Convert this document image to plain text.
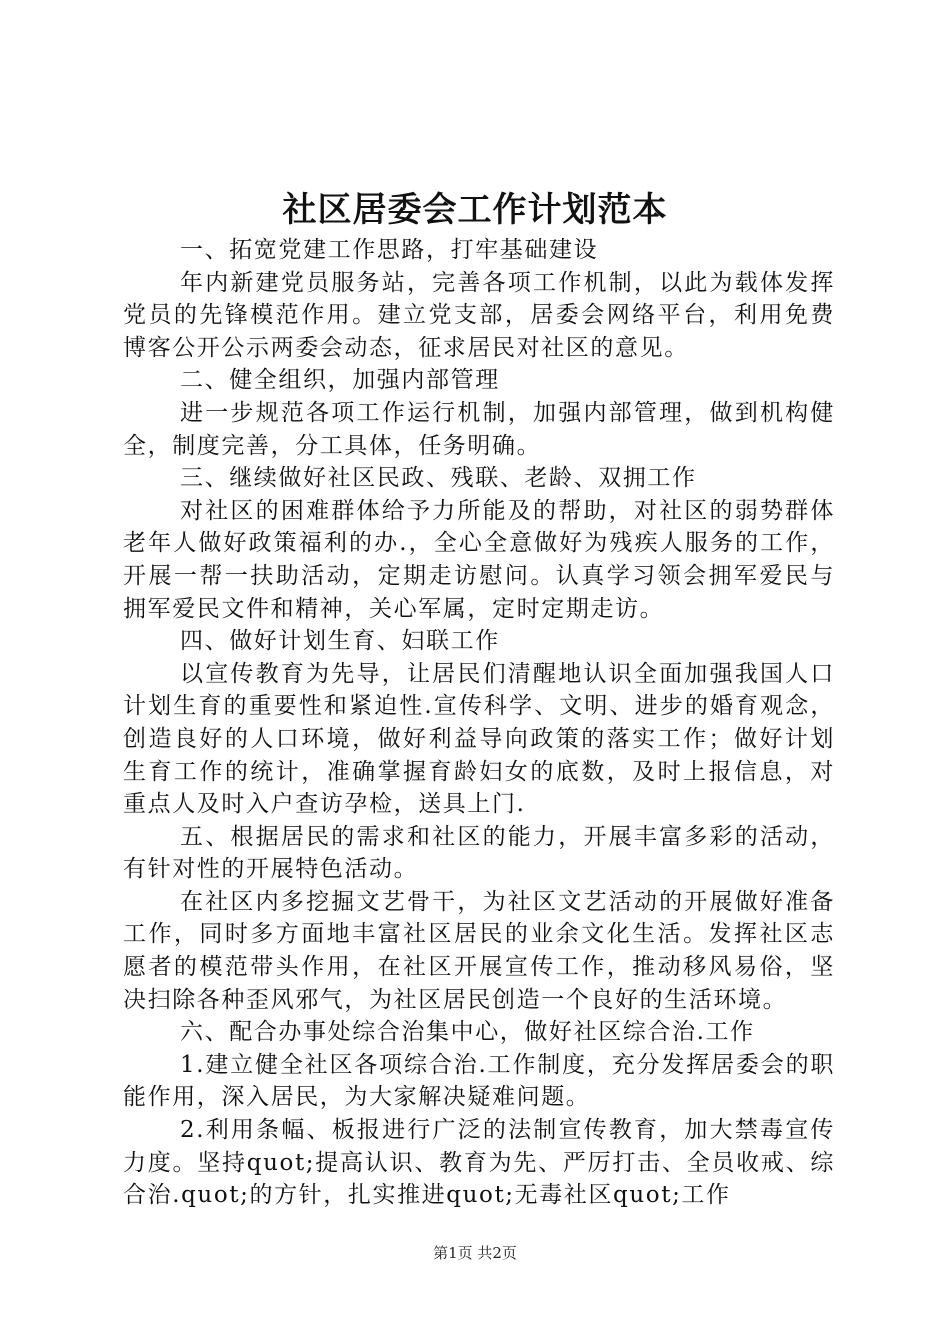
社区居委会工作计划范本

一、拓宽党建工作思路，打牢基础建设

年内新建党员服务站，完善各项工作机制，以此为载体发挥党员的先锋模范作用。建立党支部，居委会网络平台，利用免费博客公开公示两委会动态，征求居民对社区的意见。

二、健全组织，加强内部管理

进一步规范各项工作运行机制，加强内部管理，做到机构健全，制度完善，分工具体，任务明确。

三、继续做好社区民政、残联、老龄、双拥工作

对社区的困难群体给予力所能及的帮助，对社区的弱势群体老年人做好政策福利的办.，全心全意做好为残疾人服务的工作，开展一帮一扶助活动，定期走访慰问。认真学习领会拥军爱民与拥军爱民文件和精神，关心军属，定时定期走访。

四、做好计划生育、妇联工作

以宣传教育为先导，让居民们清醒地认识全面加强我国人口计划生育的重要性和紧迫性.宣传科学、文明、进步的婚育观念，创造良好的人口环境，做好利益导向政策的落实工作；做好计划生育工作的统计，准确掌握育龄妇女的底数，及时上报信息，对重点人及时入户查访孕检，送具上门.

五、根据居民的需求和社区的能力，开展丰富多彩的活动，有针对性的开展特色活动。

在社区内多挖掘文艺骨干，为社区文艺活动的开展做好准备工作，同时多方面地丰富社区居民的业余文化生活。发挥社区志愿者的模范带头作用，在社区开展宣传工作，推动移风易俗，坚决扫除各种歪风邪气，为社区居民创造一个良好的生活环境。

六、配合办事处综合治集中心，做好社区综合治.工作

1.建立健全社区各项综合治.工作制度，充分发挥居委会的职能作用，深入居民，为大家解决疑难问题。

2.利用条幅、板报进行广泛的法制宣传教育，加大禁毒宣传力度。坚持quot;提高认识、教育为先、严厉打击、全员收戒、综合治.quot;的方针，扎实推进quot;无毒社区quot;工作

第1页 共2页
